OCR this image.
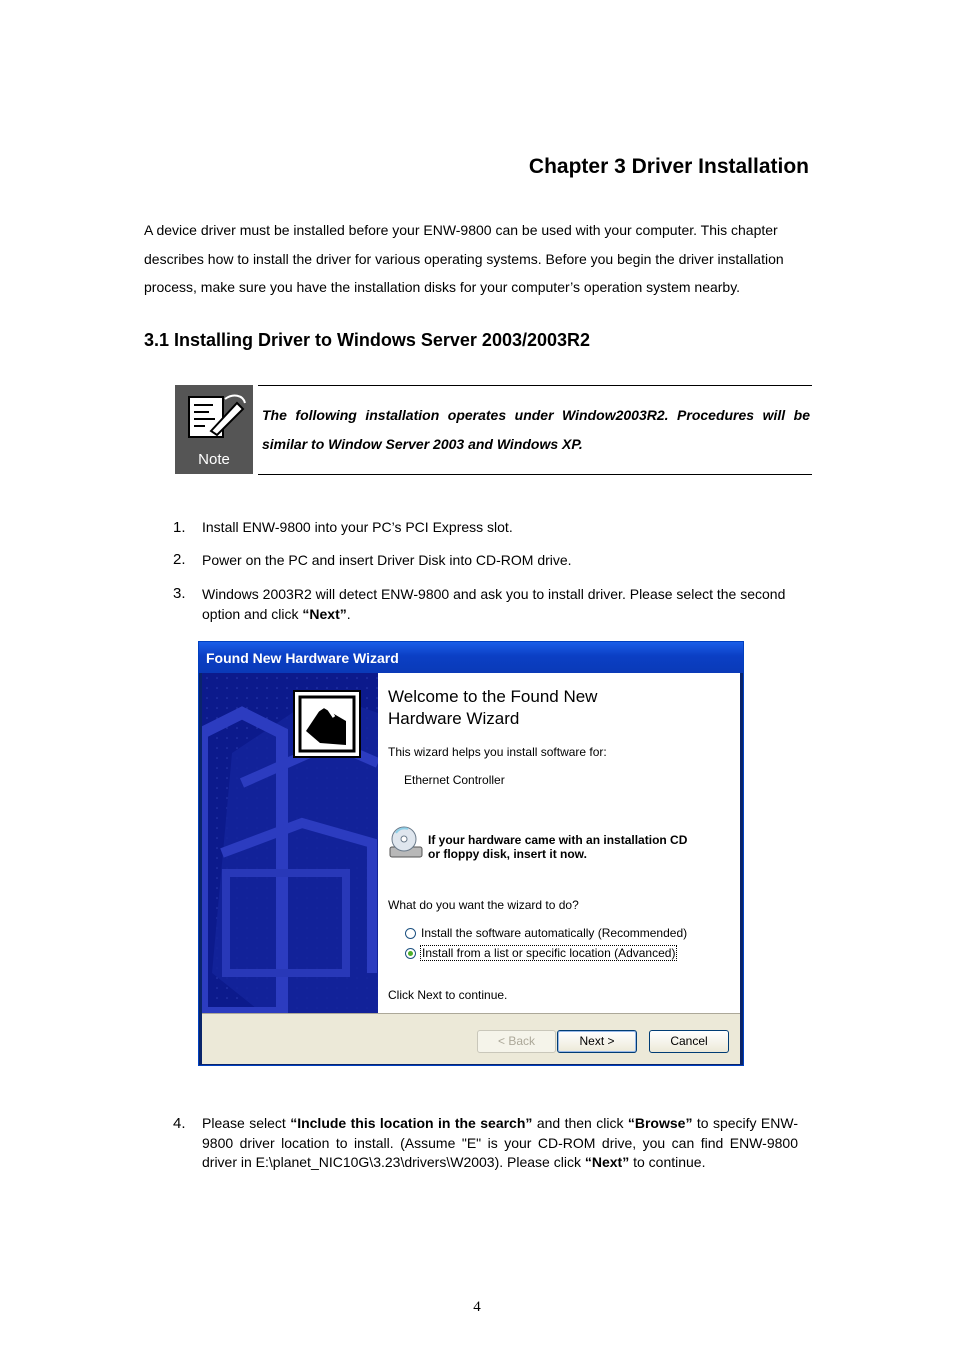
Chapter 3 Driver Installation
A device driver must be installed before your ENW-9800 can be used with your computer. This chapter describes how to install the driver for various operating systems. Before you begin the driver installation process, make sure you have the installation disks for your computer’s operation system nearby.
3.1 Installing Driver to Windows Server 2003/2003R2
Note
The following installation operates under Window2003R2. Procedures will be
similar to Window Server 2003 and Windows XP.
1. Install ENW-9800 into your PC’s PCI Express slot.
2. Power on the PC and insert Driver Disk into CD-ROM drive.
3. Windows 2003R2 will detect ENW-9800 and ask you to install driver. Please select the second option and click “Next”.
Found New Hardware Wizard
Welcome to the Found New
Hardware Wizard
This wizard helps you install software for:
Ethernet Controller
If your hardware came with an installation CD
or floppy disk, insert it now.
What do you want the wizard to do?
Install the software automatically (Recommended)
Install from a list or specific location (Advanced)
Click Next to continue.
< Back	Next >	Cancel
4. Please select “Include this location in the search” and then click “Browse” to specify ENW-9800 driver location to install. (Assume "E" is your CD-ROM drive, you can find ENW-9800 driver in E:\planet_NIC10G\3.23\drivers\W2003). Please click “Next” to continue.
4
